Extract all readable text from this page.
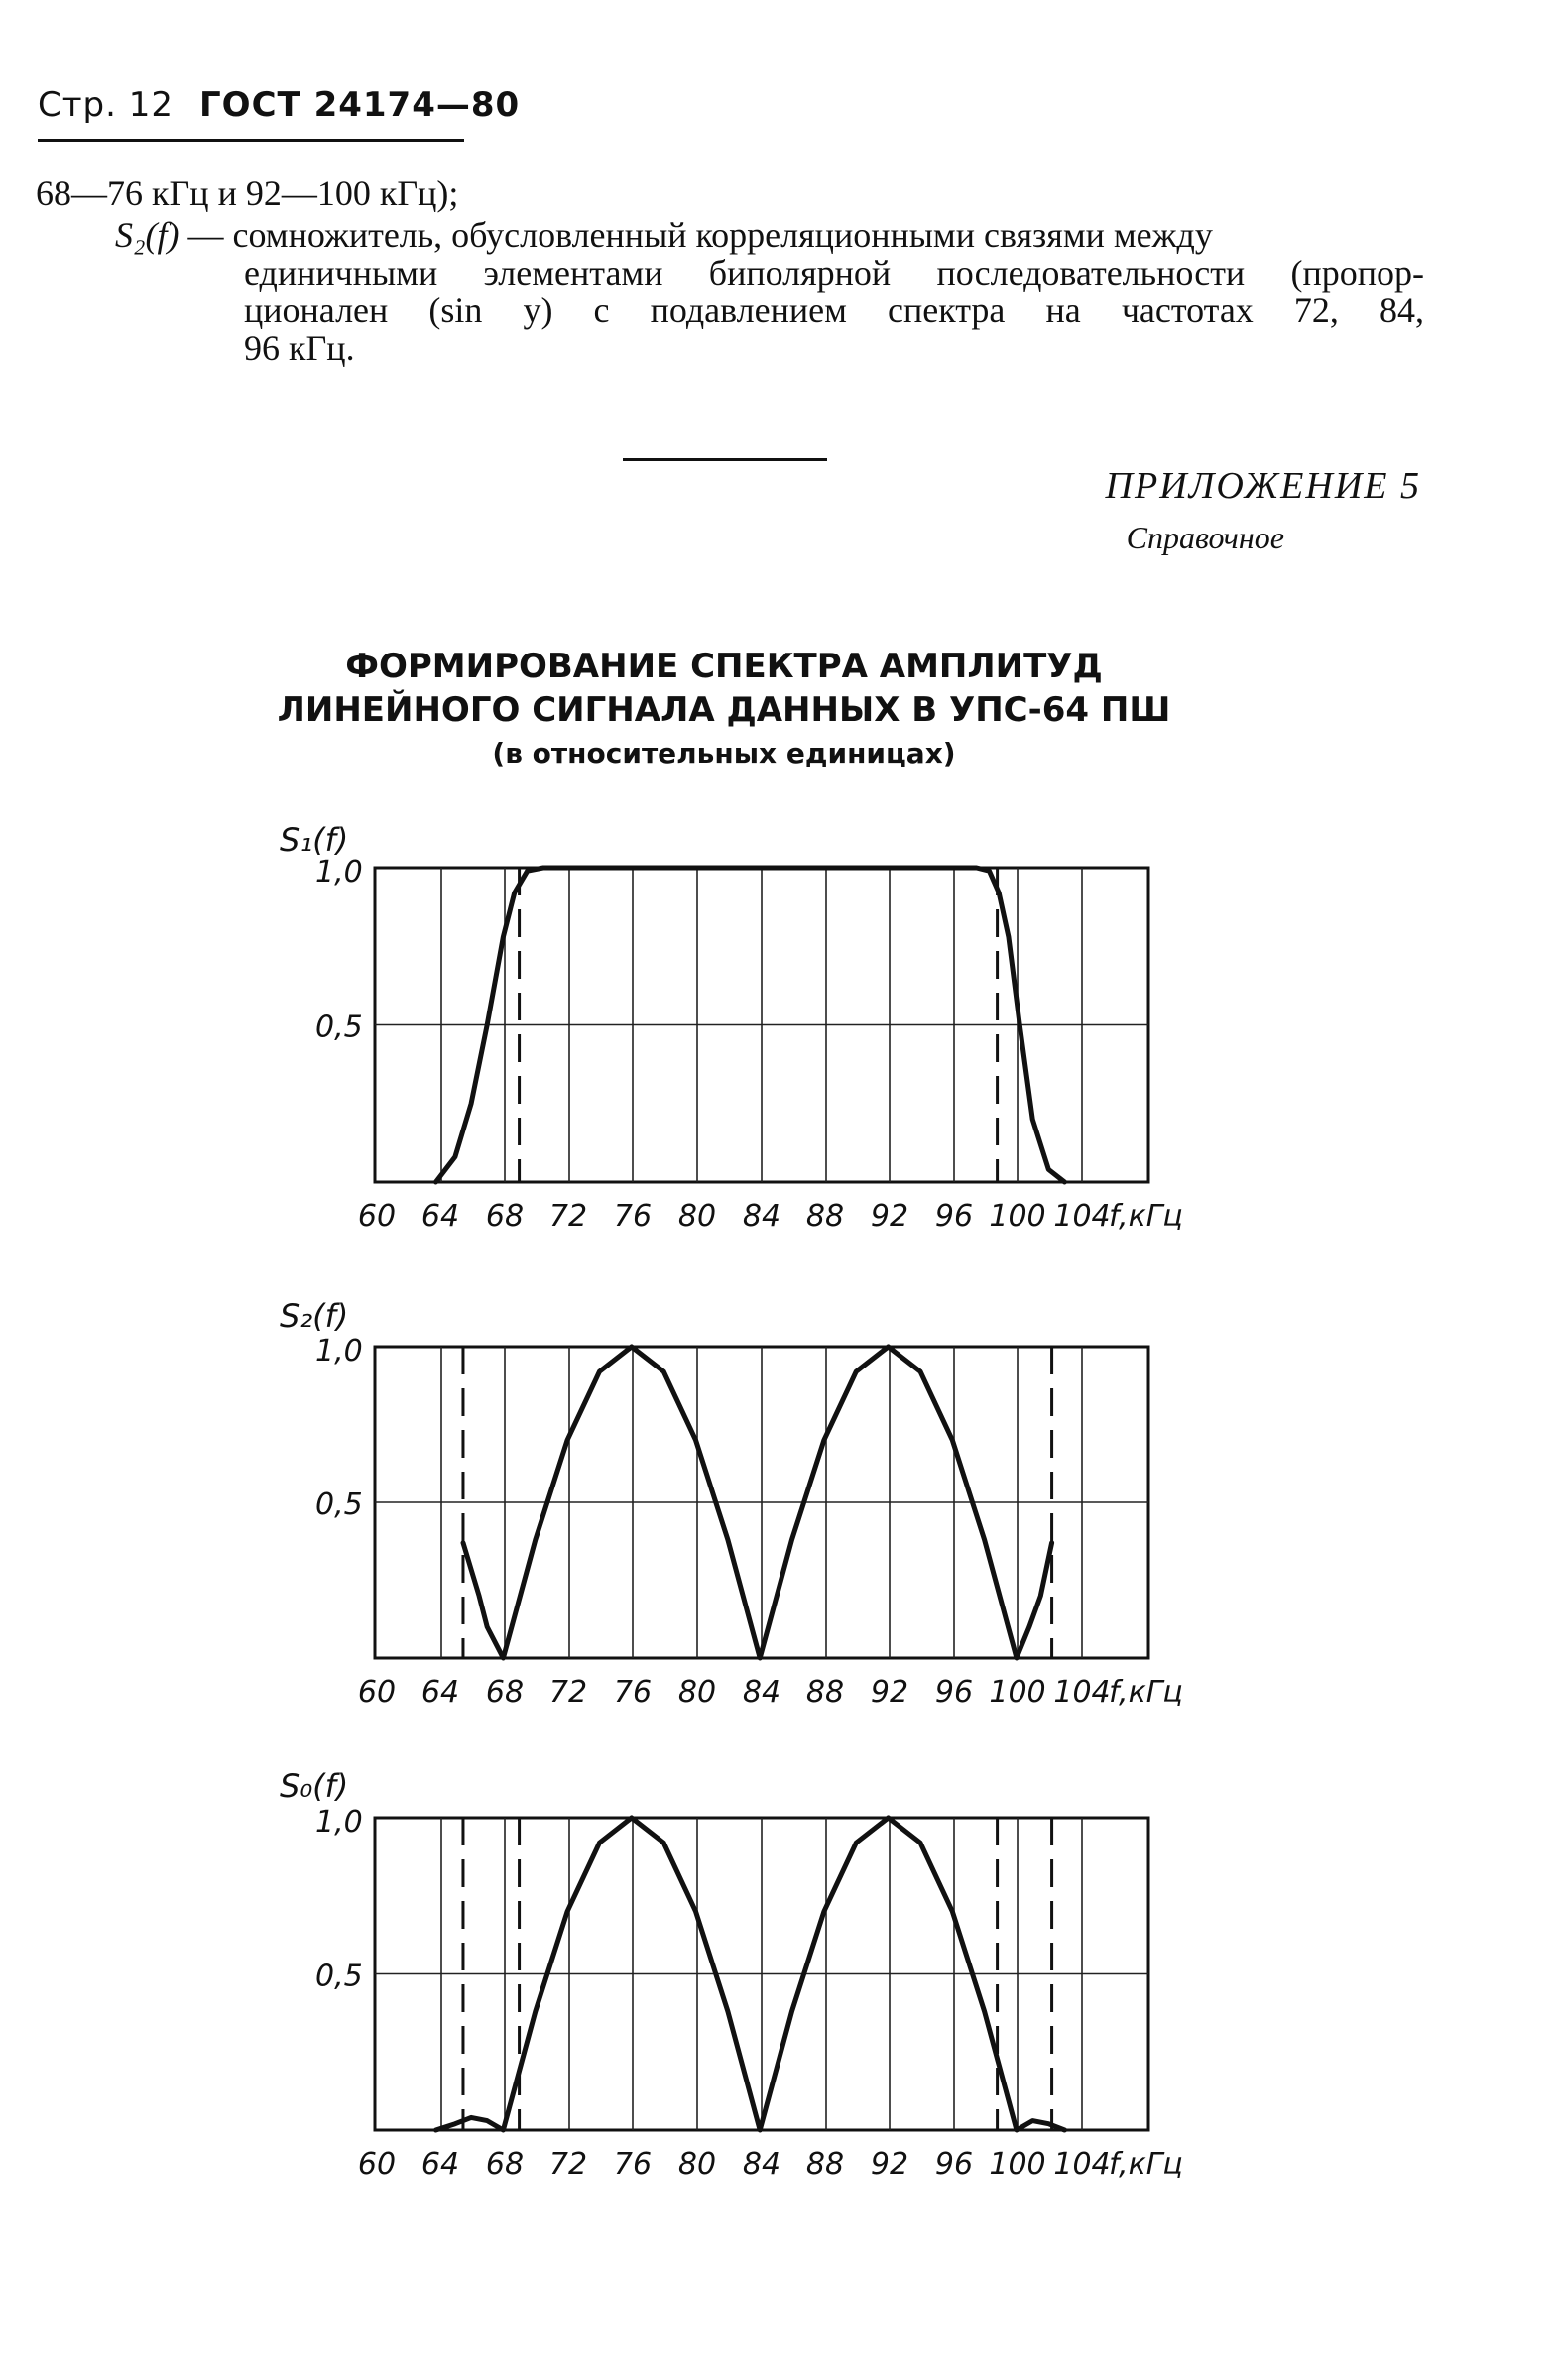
Стр. 12 ГОСТ 24174—80
68—76 кГц и 92—100 кГц);
S₂(f) — сомножитель, обусловленный корреляционными связями между
единичными элементами биполярной последовательности (пропор-
ционален (sin y) с подавлением спектра на частотах 72, 84,
96 кГц.
ПРИЛОЖЕНИЕ 5
Справочное
ФОРМИРОВАНИЕ СПЕКТРА АМПЛИТУД
ЛИНЕЙНОГО СИГНАЛА ДАННЫХ В УПС-64 ПШ
(в относительных единицах)
S₁(f)
1,0
0,5
60 64 68 72 76 80 84 88 92 96 100 104
f,кГц
S₂(f)
1,0
0,5
60 64 68 72 76 80 84 88 92 96 100 104
f,кГц
S₀(f)
1,0
0,5
60 64 68 72 76 80 84 88 92 96 100 104
f,кГц
